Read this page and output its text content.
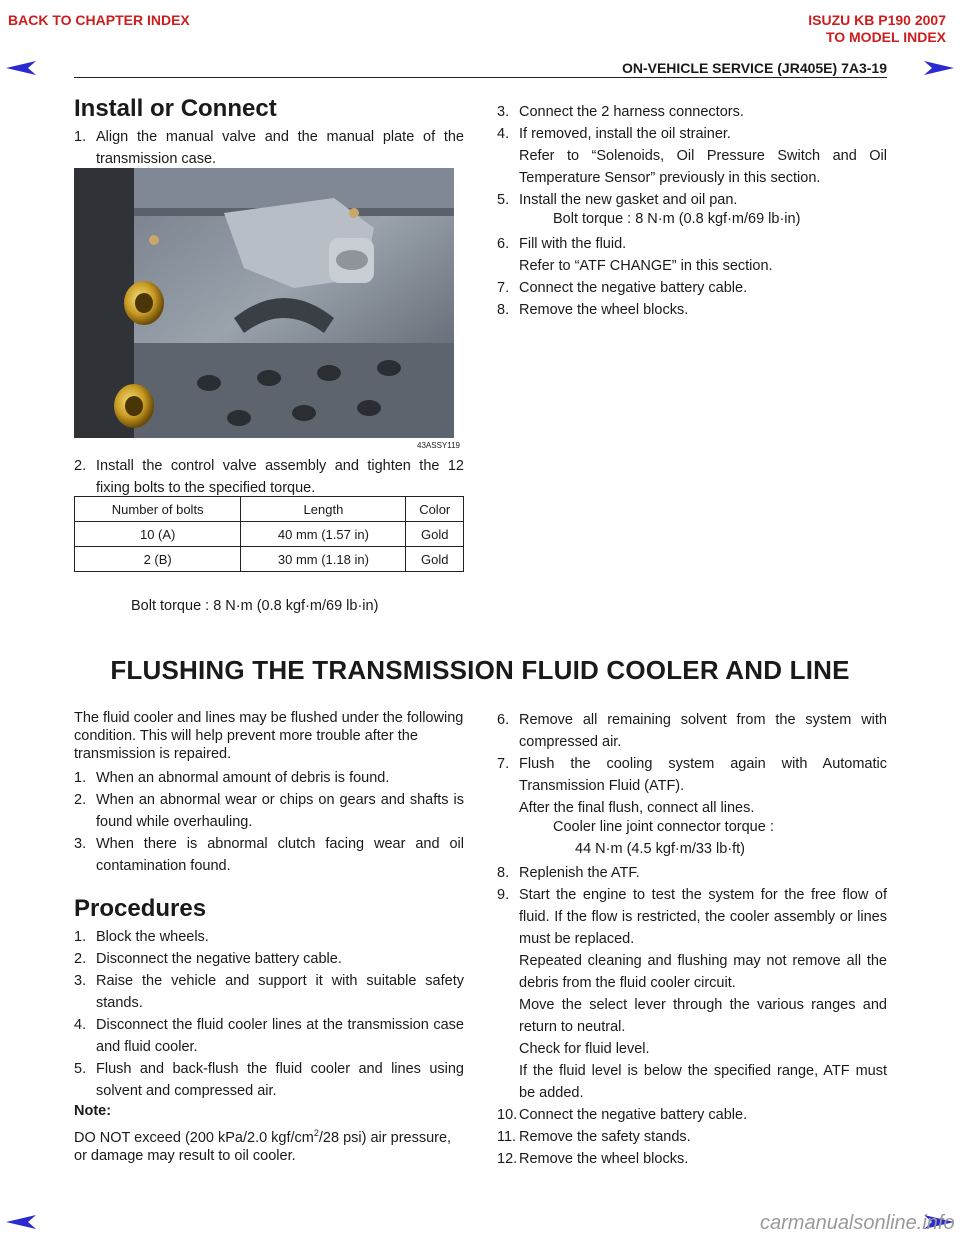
BACK TO CHAPTER INDEX	ISUZU KB P190 2007
TO MODEL INDEX
ON-VEHICLE SERVICE (JR405E) 7A3-19
Install or Connect
1. Align the manual valve and the manual plate of the transmission case.
43ASSY119
2. Install the control valve assembly and tighten the 12 fixing bolts to the specified torque.
Number of bolts	Length	Color
10 (A)	40 mm (1.57 in)	Gold
2 (B)	30 mm (1.18 in)	Gold
Bolt torque : 8 N·m (0.8 kgf·m/69 lb·in)
3. Connect the 2 harness connectors.
4. If removed, install the oil strainer.
Refer to “Solenoids, Oil Pressure Switch and Oil Temperature Sensor” previously in this section.
5. Install the new gasket and oil pan.
Bolt torque : 8 N·m (0.8 kgf·m/69 lb·in)
6. Fill with the fluid.
Refer to “ATF CHANGE” in this section.
7. Connect the negative battery cable.
8. Remove the wheel blocks.
FLUSHING THE TRANSMISSION FLUID COOLER AND LINE
The fluid cooler and lines may be flushed under the following condition. This will help prevent more trouble after the transmission is repaired.
1. When an abnormal amount of debris is found.
2. When an abnormal wear or chips on gears and shafts is found while overhauling.
3. When there is abnormal clutch facing wear and oil contamination found.
Procedures
1. Block the wheels.
2. Disconnect the negative battery cable.
3. Raise the vehicle and support it with suitable safety stands.
4. Disconnect the fluid cooler lines at the transmission case and fluid cooler.
5. Flush and back-flush the fluid cooler and lines using solvent and compressed air.
Note:
DO NOT exceed (200 kPa/2.0 kgf/$cm^2/28$ psi) air pressure, or damage may result to oil cooler.
6. Remove all remaining solvent from the system with compressed air.
7. Flush the cooling system again with Automatic Transmission Fluid (ATF).
After the final flush, connect all lines.
Cooler line joint connector torque :
44 N·m (4.5 kgf·m/33 lb·ft)
8. Replenish the ATF.
9. Start the engine to test the system for the free flow of fluid. If the flow is restricted, the cooler assembly or lines must be replaced.
Repeated cleaning and flushing may not remove all the debris from the fluid cooler circuit.
Move the select lever through the various ranges and return to neutral.
Check for fluid level.
If the fluid level is below the specified range, ATF must be added.
10. Connect the negative battery cable.
11. Remove the safety stands.
12. Remove the wheel blocks.
carmanualsonline.info
